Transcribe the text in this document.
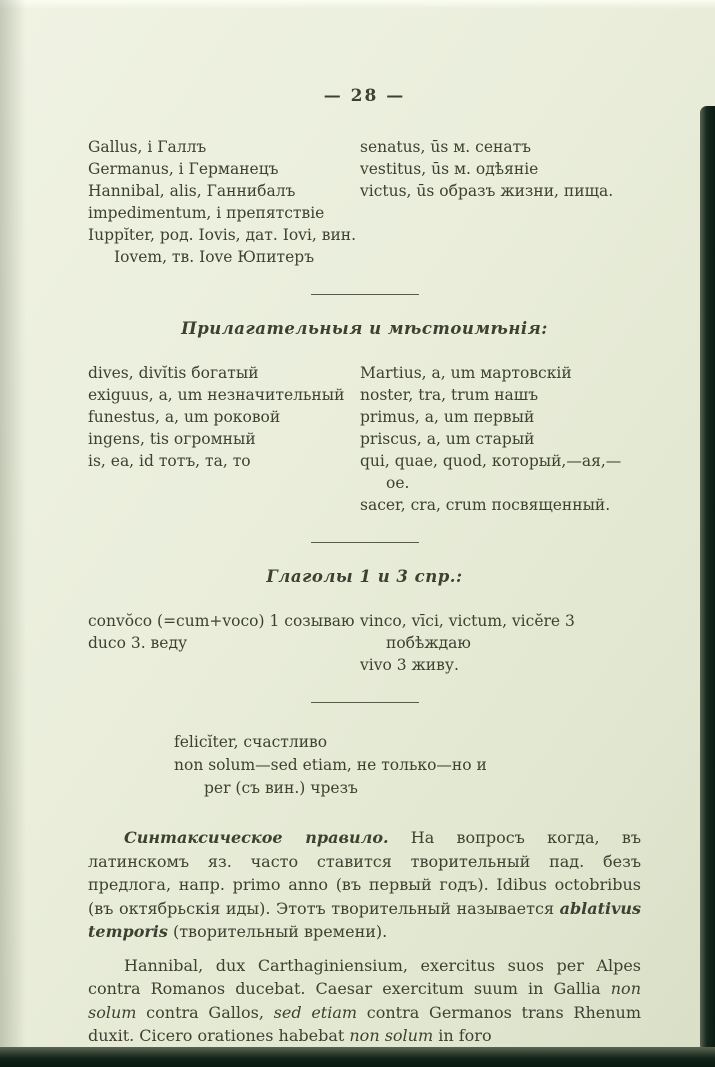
— 28 —
Gallus, i Галлъ
Germanus, i Германецъ
Hannibal, alis, Ганнибалъ
impedimentum, i препятствіе
Iuppĭter, род. Iovis, дат. Iovi, вин. Iovem, тв. Iove Юпитеръ
senatus, ūs м. сенатъ
vestitus, ūs м. одѣяніе
victus, ūs образъ жизни, пища.
Прилагательныя и мѣстоимѣнія:
dives, divĭtis богатый
exiguus, a, um незначительный
funestus, a, um роковой
ingens, tis огромный
is, ea, id тотъ, та, то
Martius, a, um мартовскій
noster, tra, trum нашъ
primus, a, um первый
priscus, a, um старый
qui, quae, quod, который,—ая,—ое.
sacer, cra, crum посвященный.
Глаголы 1 и 3 спр.:
convŏco (=cum+voco) 1 созываю
duco 3. веду
vinco, vīci, victum, vicĕre 3 побѣждаю
vivo 3 живу.
felicĭter, счастливо
non solum—sed etiam, не только—но и
per (съ вин.) чрезъ

Синтаксическое правило. На вопросъ когда, въ латинскомъ яз. часто ставится творительный пад. безъ предлога, напр. primo anno (въ первый годъ). Idibus octobribus (въ октябрьскія иды). Этотъ творительный называется ablativus temporis (творительный времени).

Hannibal, dux Carthaginiensium, exercitus suos per Alpes contra Romanos ducebat. Caesar exercitum suum in Gallia non solum contra Gallos, sed etiam contra Germanos trans Rhenum duxit. Cicero orationes habebat non solum in foro
